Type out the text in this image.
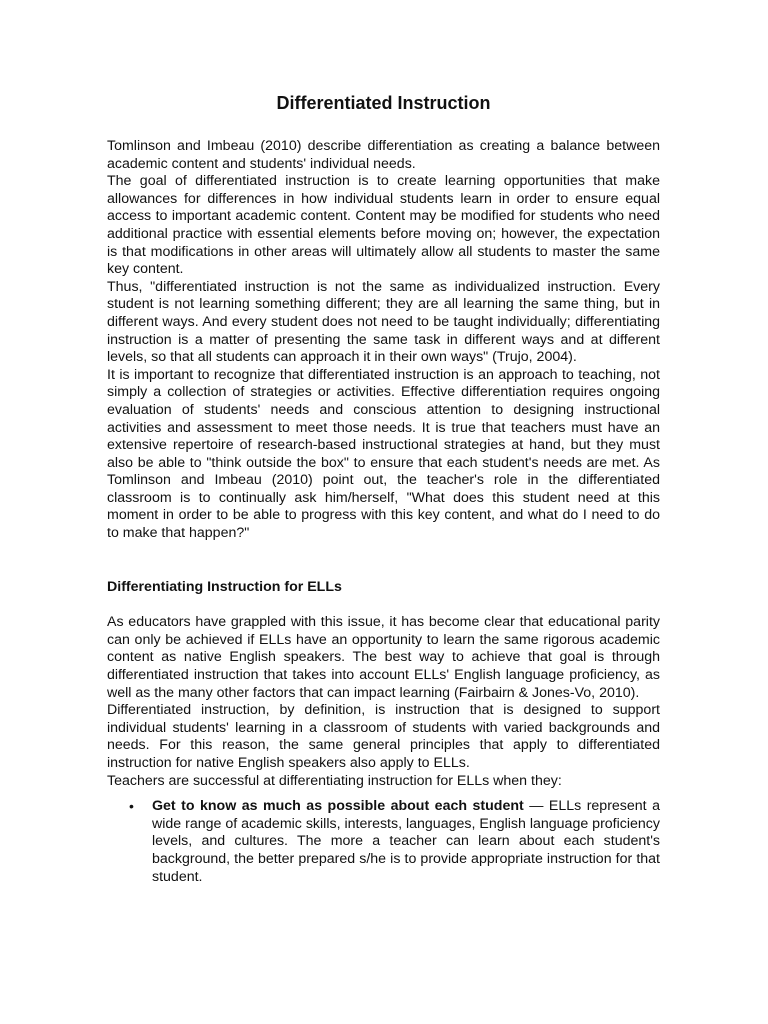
Differentiated Instruction

Tomlinson and Imbeau (2010) describe differentiation as creating a balance between academic content and students' individual needs.

The goal of differentiated instruction is to create learning opportunities that make allowances for differences in how individual students learn in order to ensure equal access to important academic content. Content may be modified for students who need additional practice with essential elements before moving on; however, the expectation is that modifications in other areas will ultimately allow all students to master the same key content.

Thus, "differentiated instruction is not the same as individualized instruction. Every student is not learning something different; they are all learning the same thing, but in different ways. And every student does not need to be taught individually; differentiating instruction is a matter of presenting the same task in different ways and at different levels, so that all students can approach it in their own ways" (Trujo, 2004).

It is important to recognize that differentiated instruction is an approach to teaching, not simply a collection of strategies or activities. Effective differentiation requires ongoing evaluation of students' needs and conscious attention to designing instructional activities and assessment to meet those needs. It is true that teachers must have an extensive repertoire of research-based instructional strategies at hand, but they must also be able to "think outside the box" to ensure that each student's needs are met. As Tomlinson and Imbeau (2010) point out, the teacher's role in the differentiated classroom is to continually ask him/herself, "What does this student need at this moment in order to be able to progress with this key content, and what do I need to do to make that happen?"

Differentiating Instruction for ELLs

As educators have grappled with this issue, it has become clear that educational parity can only be achieved if ELLs have an opportunity to learn the same rigorous academic content as native English speakers. The best way to achieve that goal is through differentiated instruction that takes into account ELLs' English language proficiency, as well as the many other factors that can impact learning (Fairbairn & Jones-Vo, 2010).

Differentiated instruction, by definition, is instruction that is designed to support individual students' learning in a classroom of students with varied backgrounds and needs. For this reason, the same general principles that apply to differentiated instruction for native English speakers also apply to ELLs.

Teachers are successful at differentiating instruction for ELLs when they:

• Get to know as much as possible about each student — ELLs represent a wide range of academic skills, interests, languages, English language proficiency levels, and cultures. The more a teacher can learn about each student's background, the better prepared s/he is to provide appropriate instruction for that student.
